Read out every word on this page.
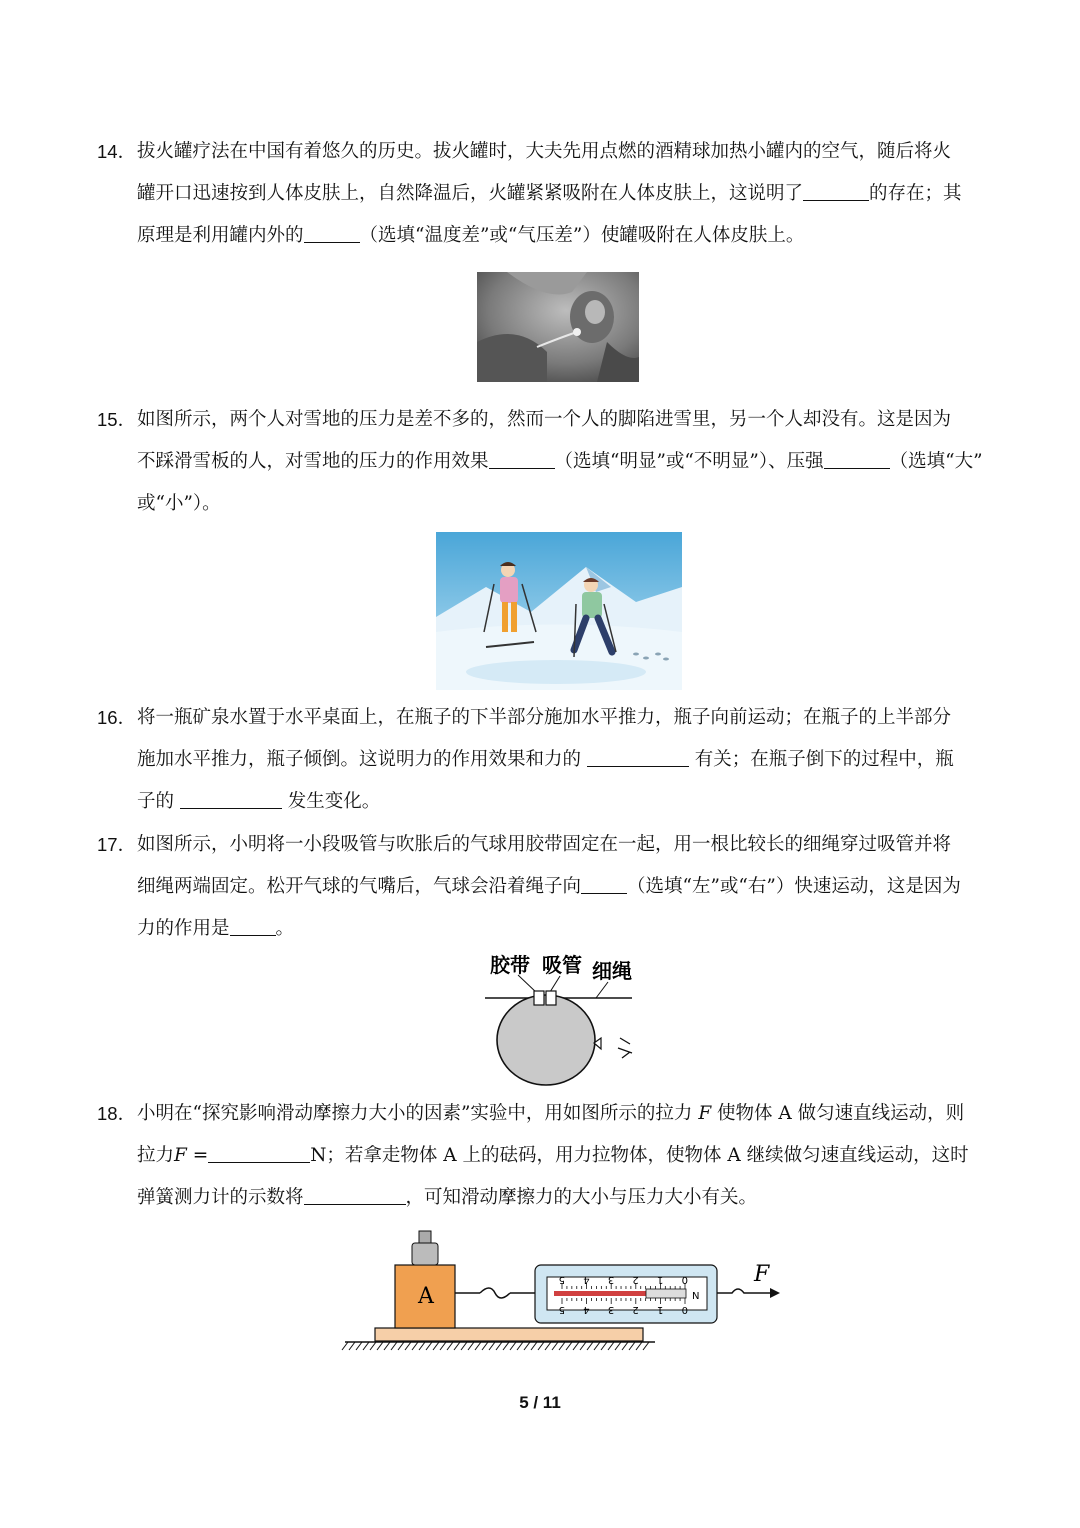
14． 拔火罐疗法在中国有着悠久的历史。拔火罐时，大夫先用点燃的酒精球加热小罐内的空气，随后将火
罐开口迅速按到人体皮肤上，自然降温后，火罐紧紧吸附在人体皮肤上，这说明了	的存在；其
原理是利用罐内外的	（选填“温度差”或“气压差”）使罐吸附在人体皮肤上。
15． 如图所示，两个人对雪地的压力是差不多的，然而一个人的脚陷进雪里，另一个人却没有。这是因为
不踩滑雪板的人，对雪地的压力的作用效果	（选填“明显”或“不明显”）、压强	（选填“大”
或“小”）。
16． 将一瓶矿泉水置于水平桌面上，在瓶子的下半部分施加水平推力，瓶子向前运动；在瓶子的上半部分
施加水平推力，瓶子倾倒。这说明力的作用效果和力的	有关；在瓶子倒下的过程中，瓶
子的	发生变化。
17． 如图所示，小明将一小段吸管与吹胀后的气球用胶带固定在一起，用一根比较长的细绳穿过吸管并将
细绳两端固定。松开气球的气嘴后，气球会沿着绳子向 （选填“左”或“右”）快速运动，这是因为
力的作用是 。
胶带 吸管 细绳
18． 小明在“探究影响滑动摩擦力大小的因素”实验中，用如图所示的拉力 F 使物体 A 做匀速直线运动，则
拉力F =	N；若拿走物体 A 上的砝码，用力拉物体，使物体 A 继续做匀速直线运动，这时
弹簧测力计的示数将	，可知滑动摩擦力的大小与压力大小有关。
A
5 4 3 2 1 0
5 4 3 2 1 0
N
F
5 / 11
